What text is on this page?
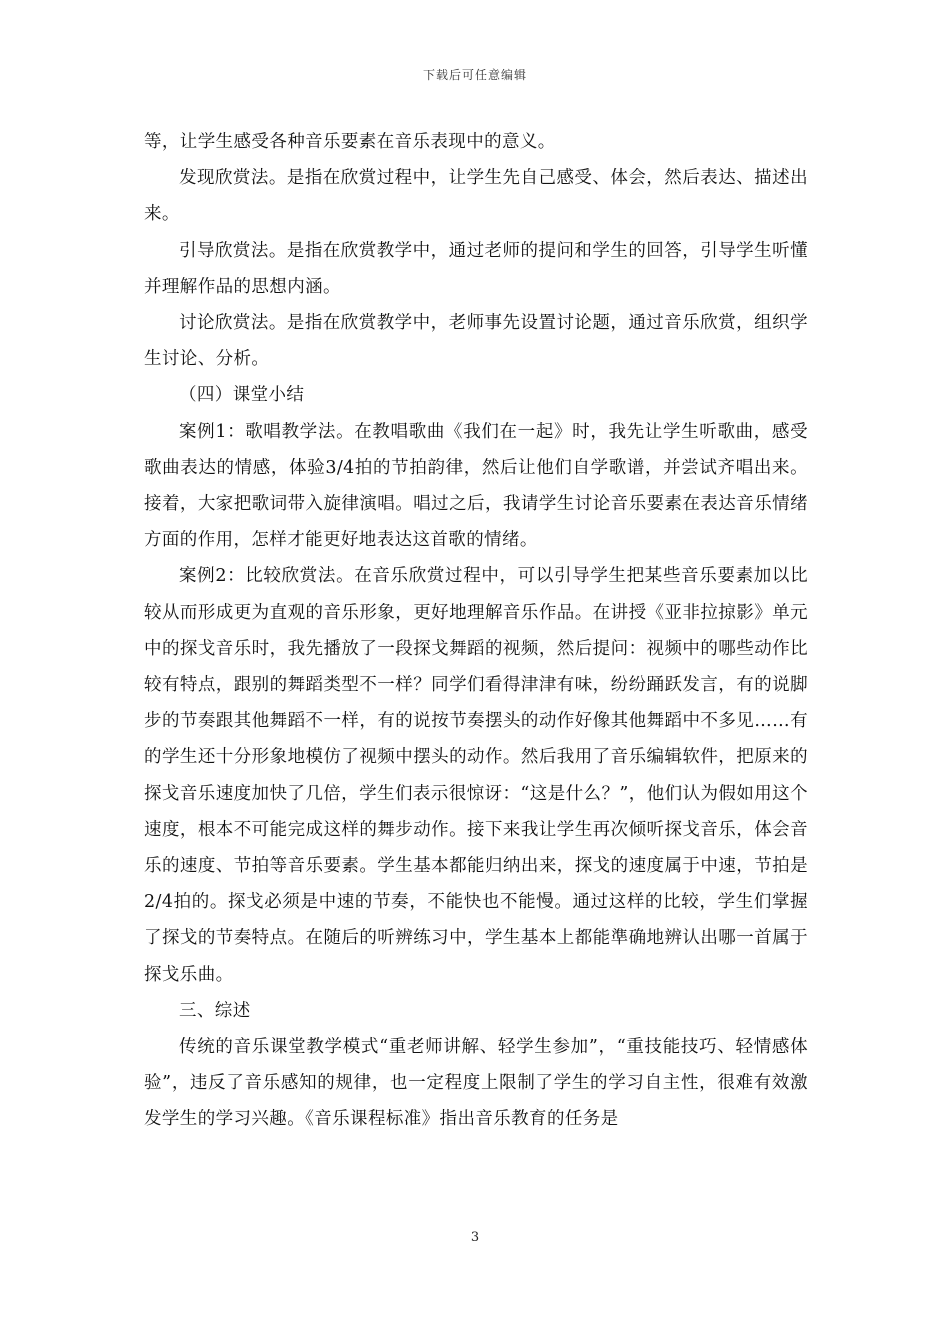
下载后可任意编辑

等，让学生感受各种音乐要素在音乐表现中的意义。

发现欣赏法。是指在欣赏过程中，让学生先自己感受、体会，然后表达、描述出来。

引导欣赏法。是指在欣赏教学中，通过老师的提问和学生的回答，引导学生听懂并理解作品的思想内涵。

讨论欣赏法。是指在欣赏教学中，老师事先设置讨论题，通过音乐欣赏，组织学生讨论、分析。

（四）课堂小结

案例1：歌唱教学法。在教唱歌曲《我们在一起》时，我先让学生听歌曲，感受歌曲表达的情感，体验3/4拍的节拍韵律，然后让他们自学歌谱，并尝试齐唱出来。接着，大家把歌词带入旋律演唱。唱过之后，我请学生讨论音乐要素在表达音乐情绪方面的作用，怎样才能更好地表达这首歌的情绪。

案例2：比较欣赏法。在音乐欣赏过程中，可以引导学生把某些音乐要素加以比较从而形成更为直观的音乐形象，更好地理解音乐作品。在讲授《亚非拉掠影》单元中的探戈音乐时，我先播放了一段探戈舞蹈的视频，然后提问：视频中的哪些动作比较有特点，跟别的舞蹈类型不一样？同学们看得津津有味，纷纷踊跃发言，有的说脚步的节奏跟其他舞蹈不一样，有的说按节奏摆头的动作好像其他舞蹈中不多见……有的学生还十分形象地模仿了视频中摆头的动作。然后我用了音乐编辑软件，把原来的探戈音乐速度加快了几倍，学生们表示很惊讶：“这是什么？”，他们认为假如用这个速度，根本不可能完成这样的舞步动作。接下来我让学生再次倾听探戈音乐，体会音乐的速度、节拍等音乐要素。学生基本都能归纳出来，探戈的速度属于中速，节拍是2/4拍的。探戈必须是中速的节奏，不能快也不能慢。通过这样的比较，学生们掌握了探戈的节奏特点。在随后的听辨练习中，学生基本上都能準确地辨认出哪一首属于探戈乐曲。

三、综述

传统的音乐课堂教学模式“重老师讲解、轻学生参加”，“重技能技巧、轻情感体验”，违反了音乐感知的规律，也一定程度上限制了学生的学习自主性，很难有效激发学生的学习兴趣。《音乐课程标准》指出音乐教育的任务是

3
